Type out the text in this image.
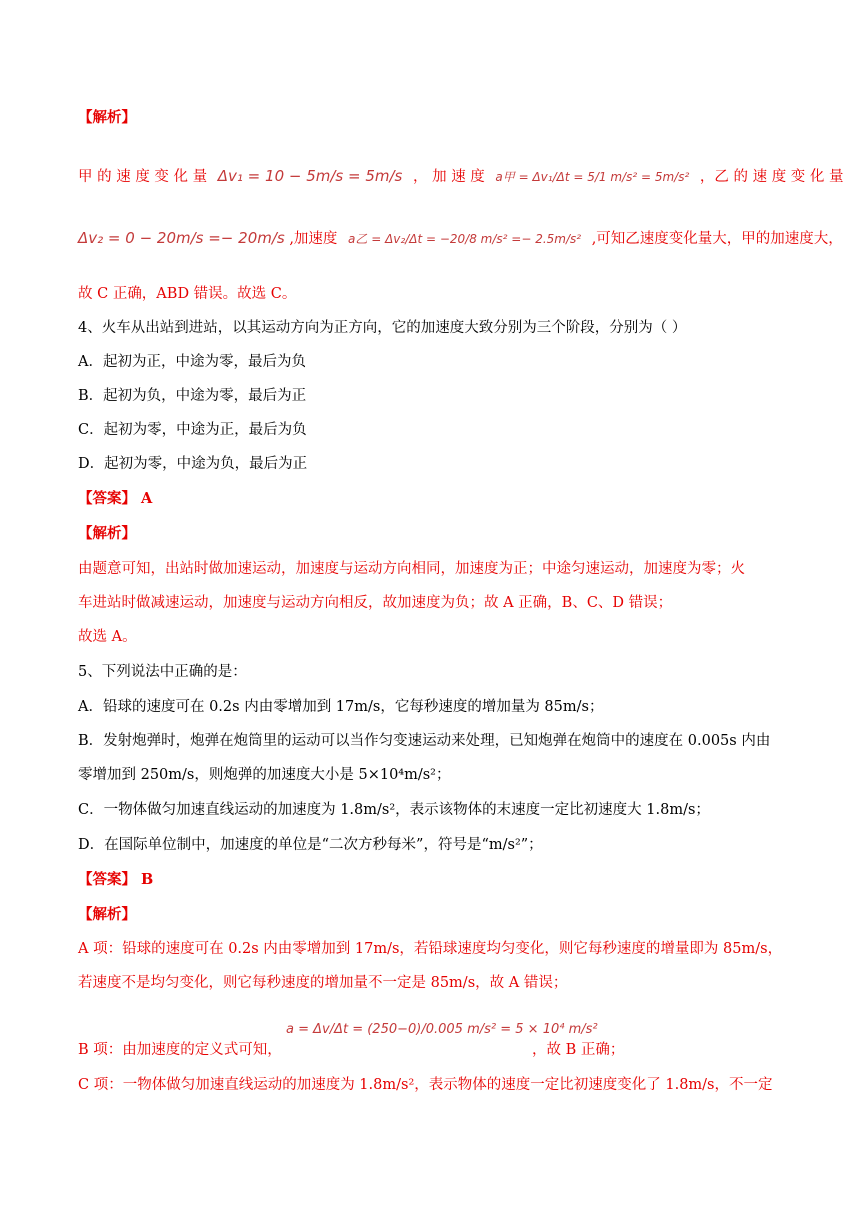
【解析】
甲 的 速 度 变 化 量 Δv₁ = 10 − 5m/s = 5m/s ， 加 速 度 a甲 = Δv₁/Δt = 5/1 m/s² = 5m/s² ，乙 的 速 度 变 化 量
Δv₂ = 0 − 20m/s =− 20m/s ,加速度 a乙 = Δv₂/Δt = −20/8 m/s² =− 2.5m/s² ,可知乙速度变化量大，甲的加速度大，
故 C 正确，ABD 错误。故选 C。
4、火车从出站到进站，以其运动方向为正方向，它的加速度大致分别为三个阶段，分别为（ ）
A．起初为正，中途为零，最后为负
B．起初为负，中途为零，最后为正
C．起初为零，中途为正，最后为负
D．起初为零，中途为负，最后为正
【答案】 A
【解析】
由题意可知，出站时做加速运动，加速度与运动方向相同，加速度为正；中途匀速运动，加速度为零；火
车进站时做减速运动，加速度与运动方向相反，故加速度为负；故 A 正确，B、C、D 错误；
故选 A。
5、下列说法中正确的是：
A．铅球的速度可在 0.2s 内由零增加到 17m/s，它每秒速度的增加量为 85m/s；
B．发射炮弹时，炮弹在炮筒里的运动可以当作匀变速运动来处理，已知炮弹在炮筒中的速度在 0.005s 内由
零增加到 250m/s，则炮弹的加速度大小是 5×10⁴m/s²；
C．一物体做匀加速直线运动的加速度为 1.8m/s²，表示该物体的末速度一定比初速度大 1.8m/s；
D．在国际单位制中，加速度的单位是“二次方秒每米”，符号是“m/s²”；
【答案】 B
【解析】
A 项：铅球的速度可在 0.2s 内由零增加到 17m/s，若铅球速度均匀变化，则它每秒速度的增量即为 85m/s，
若速度不是均匀变化，则它每秒速度的增加量不一定是 85m/s，故 A 错误；
B 项：由加速度的定义式可知，
a = Δv/Δt = (250−0)/0.005 m/s² = 5 × 10⁴ m/s²
，故 B 正确；
C 项：一物体做匀加速直线运动的加速度为 1.8m/s²，表示物体的速度一定比初速度变化了 1.8m/s，不一定
